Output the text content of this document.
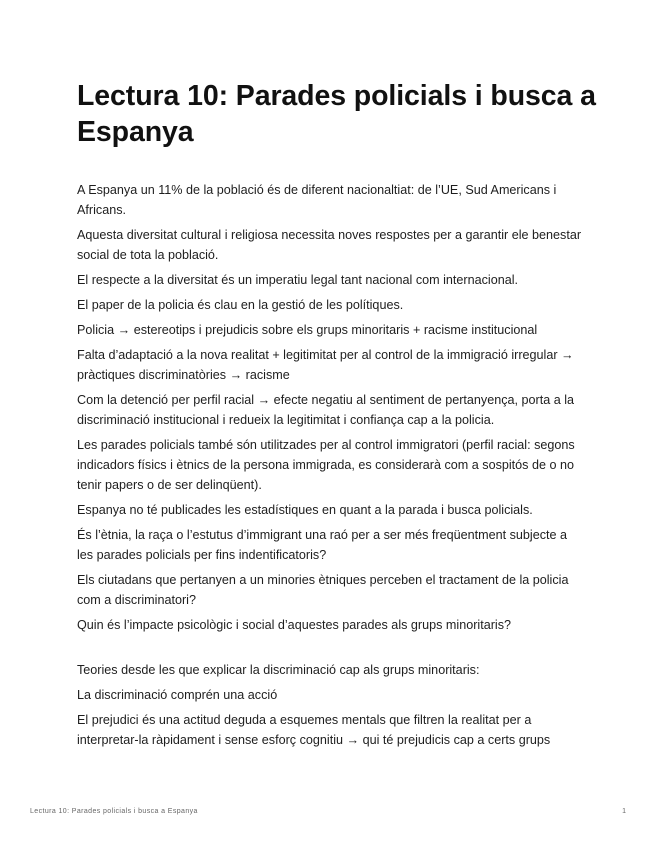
Lectura 10: Parades policials i busca a Espanya

A Espanya un 11% de la població és de diferent nacionaltiat: de l’UE, Sud Americans i Africans.

Aquesta diversitat cultural i religiosa necessita noves respostes per a garantir ele benestar social de tota la població.

El respecte a la diversitat és un imperatiu legal tant nacional com internacional.

El paper de la policia és clau en la gestió de les polítiques.

Policia → estereotips i prejudicis sobre els grups minoritaris + racisme institucional

Falta d’adaptació a la nova realitat + legitimitat per al control de la immigració irregular → pràctiques discriminatòries → racisme

Com la detenció per perfil racial → efecte negatiu al sentiment de pertanyença, porta a la discriminació institucional i redueix la legitimitat i confiança cap a la policia.

Les parades policials també són utilitzades per al control immigratori (perfil racial: segons indicadors físics i ètnics de la persona immigrada, es considerarà com a sospitós de o no tenir papers o de ser delinqüent).

Espanya no té publicades les estadístiques en quant a la parada i busca policials.

És l’ètnia, la raça o l’estutus d’immigrant una raó per a ser més freqüentment subjecte a les parades policials per fins indentificatoris?

Els ciutadans que pertanyen a un minories ètniques perceben el tractament de la policia com a discriminatori?

Quin és l’impacte psicològic i social d’aquestes parades als grups minoritaris?

Teories desde les que explicar la discriminació cap als grups minoritaris:

La discriminació comprén una acció

El prejudici és una actitud deguda a esquemes mentals que filtren la realitat per a interpretar-la ràpidament i sense esforç cognitiu → qui té prejudicis cap a certs grups

Lectura 10: Parades policials i busca a Espanya	1
